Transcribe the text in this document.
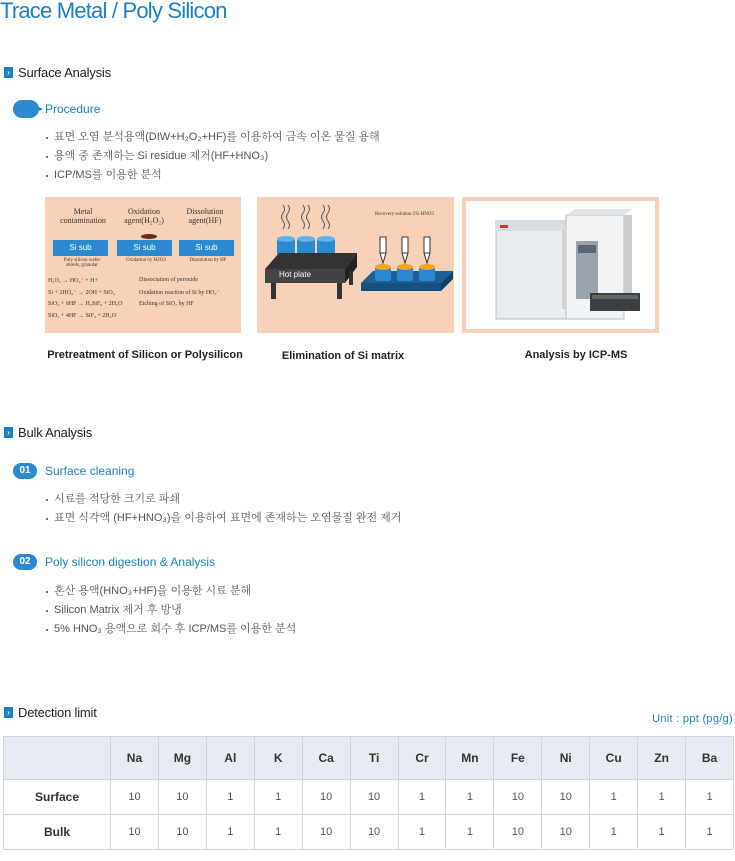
Trace Metal / Poly Silicon
› Surface Analysis
Procedure
표면 오염 분석용액(DIW+H₂O₂+HF)를 이용하여 금속 이온 물질 용해
용액 중 존재하는 Si residue 제거(HF+HNO₃)
ICP/MS를 이용한 분석
Metal
contamination
Oxidation
agent(H₂O₂)
Dissolution
agent(HF)
Si sub	Si sub	Si sub
Poly silicon wafer
shreds, granular
Oxidation by H2O2	Dissolution by HF
H₂O₂ → HO₂⁻ + H+	Dissociation of peroxide
Si + 2HO₂⁻ → 2OH + SiO₂	Oxidation reaction of Si by HO₂⁻
SiO₂ + 6HF → H₂SiF₆ + 2H₂O	Etching of SiO₂ by HF
SiO₂ + 4HF → SiF₄ + 2H₂O
Hot plate
Recovery solution 5% HNO3
Pretreatment of Silicon or Polysilicon	Elimination of Si matrix	Analysis by ICP-MS
› Bulk Analysis
01	Surface cleaning
시료를 적당한 크기로 파쇄
표면 식각액 (HF+HNO₃)을 이용하여 표면에 존재하는 오염물질 완전 제거
02	Poly silicon digestion & Analysis
혼산 용액(HNO₃+HF)을 이용한 시료 분해
Silicon Matrix 제거 후 방냉
5% HNO₃ 용액으로 회수 후 ICP/MS를 이용한 분석
› Detection limit	Unit : ppt (pg/g)
	Na	Mg	Al	K	Ca	Ti	Cr	Mn	Fe	Ni	Cu	Zn	Ba
Surface	10	10	1	1	10	10	1	1	10	10	1	1	1
Bulk	10	10	1	1	10	10	1	1	10	10	1	1	1
